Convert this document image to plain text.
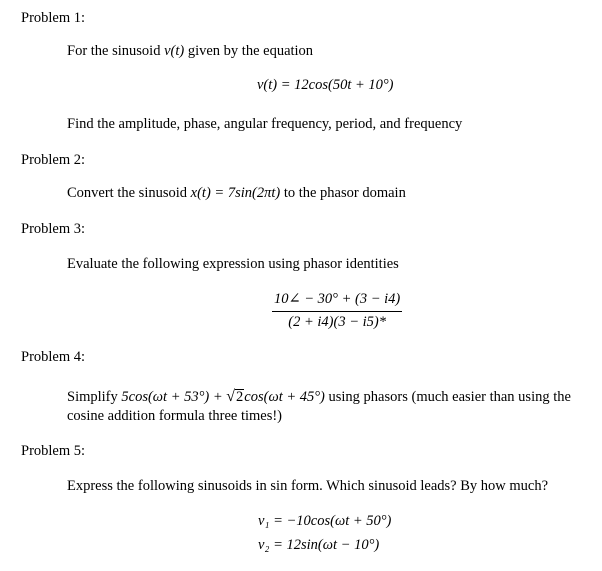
Problem 1:
For the sinusoid v(t) given by the equation
v(t) = 12cos(50t + 10°)
Find the amplitude, phase, angular frequency, period, and frequency
Problem 2:
Convert the sinusoid x(t) = 7sin(2πt) to the phasor domain
Problem 3:
Evaluate the following expression using phasor identities
$\frac{10\angle - 30^\circ + (3 - i4)}{(2 + i4)(3 - i5)*}$
Problem 4:
Simplify 5cos(ωt + 53°) + √2cos(ωt + 45°) using phasors (much easier than using the cosine addition formula three times!)
Problem 5:
Express the following sinusoids in sin form. Which sinusoid leads? By how much?
v₁ = −10cos(ωt + 50°)
v₂ = 12sin(ωt − 10°)
